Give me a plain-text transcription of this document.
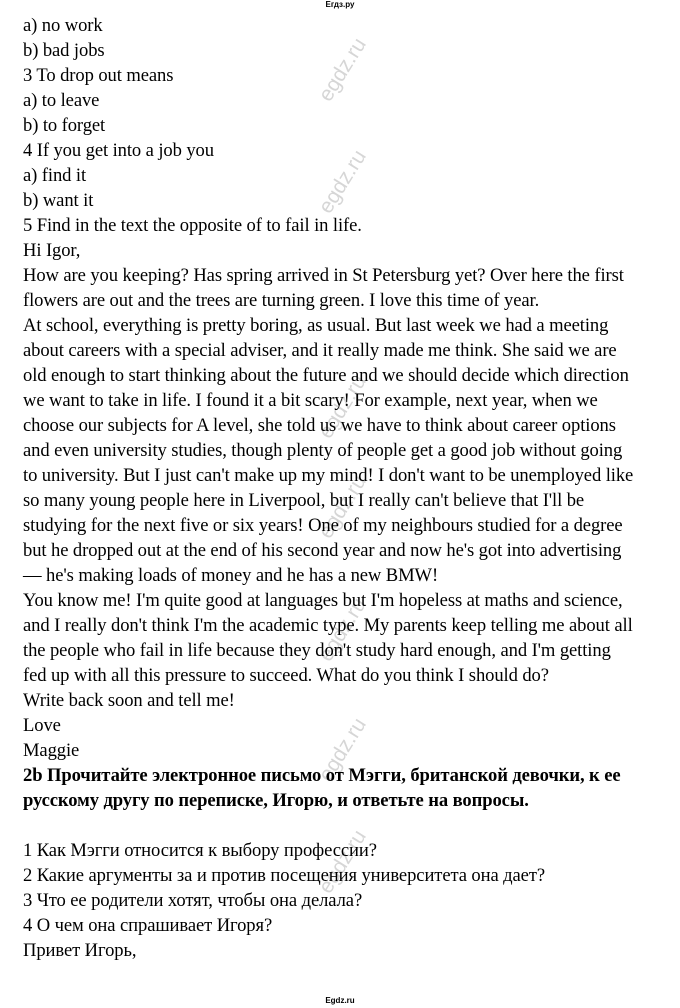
Егдз.ру
egdz.ru
egdz.ru
egdz.ru
egdz.ru
egdz.ru
egdz.ru
egdz.ru
a) no work
b) bad jobs
3 To drop out means
a) to leave
b) to forget
4 If you get into a job you
a) find it
b) want it
5 Find in the text the opposite of to fail in life.
Hi Igor,
How are you keeping? Has spring arrived in St Petersburg yet? Over here the first
flowers are out and the trees are turning green. I love this time of year.
At school, everything is pretty boring, as usual. But last week we had a meeting
about careers with a special adviser, and it really made me think. She said we are
old enough to start thinking about the future and we should decide which direction
we want to take in life. I found it a bit scary! For example, next year, when we
choose our subjects for A level, she told us we have to think about career options
and even university studies, though plenty of people get a good job without going
to university. But I just can't make up my mind! I don't want to be unemployed like
so many young people here in Liverpool, but I really can't believe that I'll be
studying for the next five or six years! One of my neighbours studied for a degree
but he dropped out at the end of his second year and now he's got into advertising
— he's making loads of money and he has a new BMW!
You know me! I'm quite good at languages but I'm hopeless at maths and science,
and I really don't think I'm the academic type. My parents keep telling me about all
the people who fail in life because they don't study hard enough, and I'm getting
fed up with all this pressure to succeed. What do you think I should do?
Write back soon and tell me!
Love
Maggie
2b Прочитайте электронное письмо от Мэгги, британской девочки, к ее
русскому другу по переписке, Игорю, и ответьте на вопросы.
1 Как Мэгги относится к выбору профессии?
2 Какие аргументы за и против посещения университета она дает?
3 Что ее родители хотят, чтобы она делала?
4 О чем она спрашивает Игоря?
Привет Игорь,
Egdz.ru
